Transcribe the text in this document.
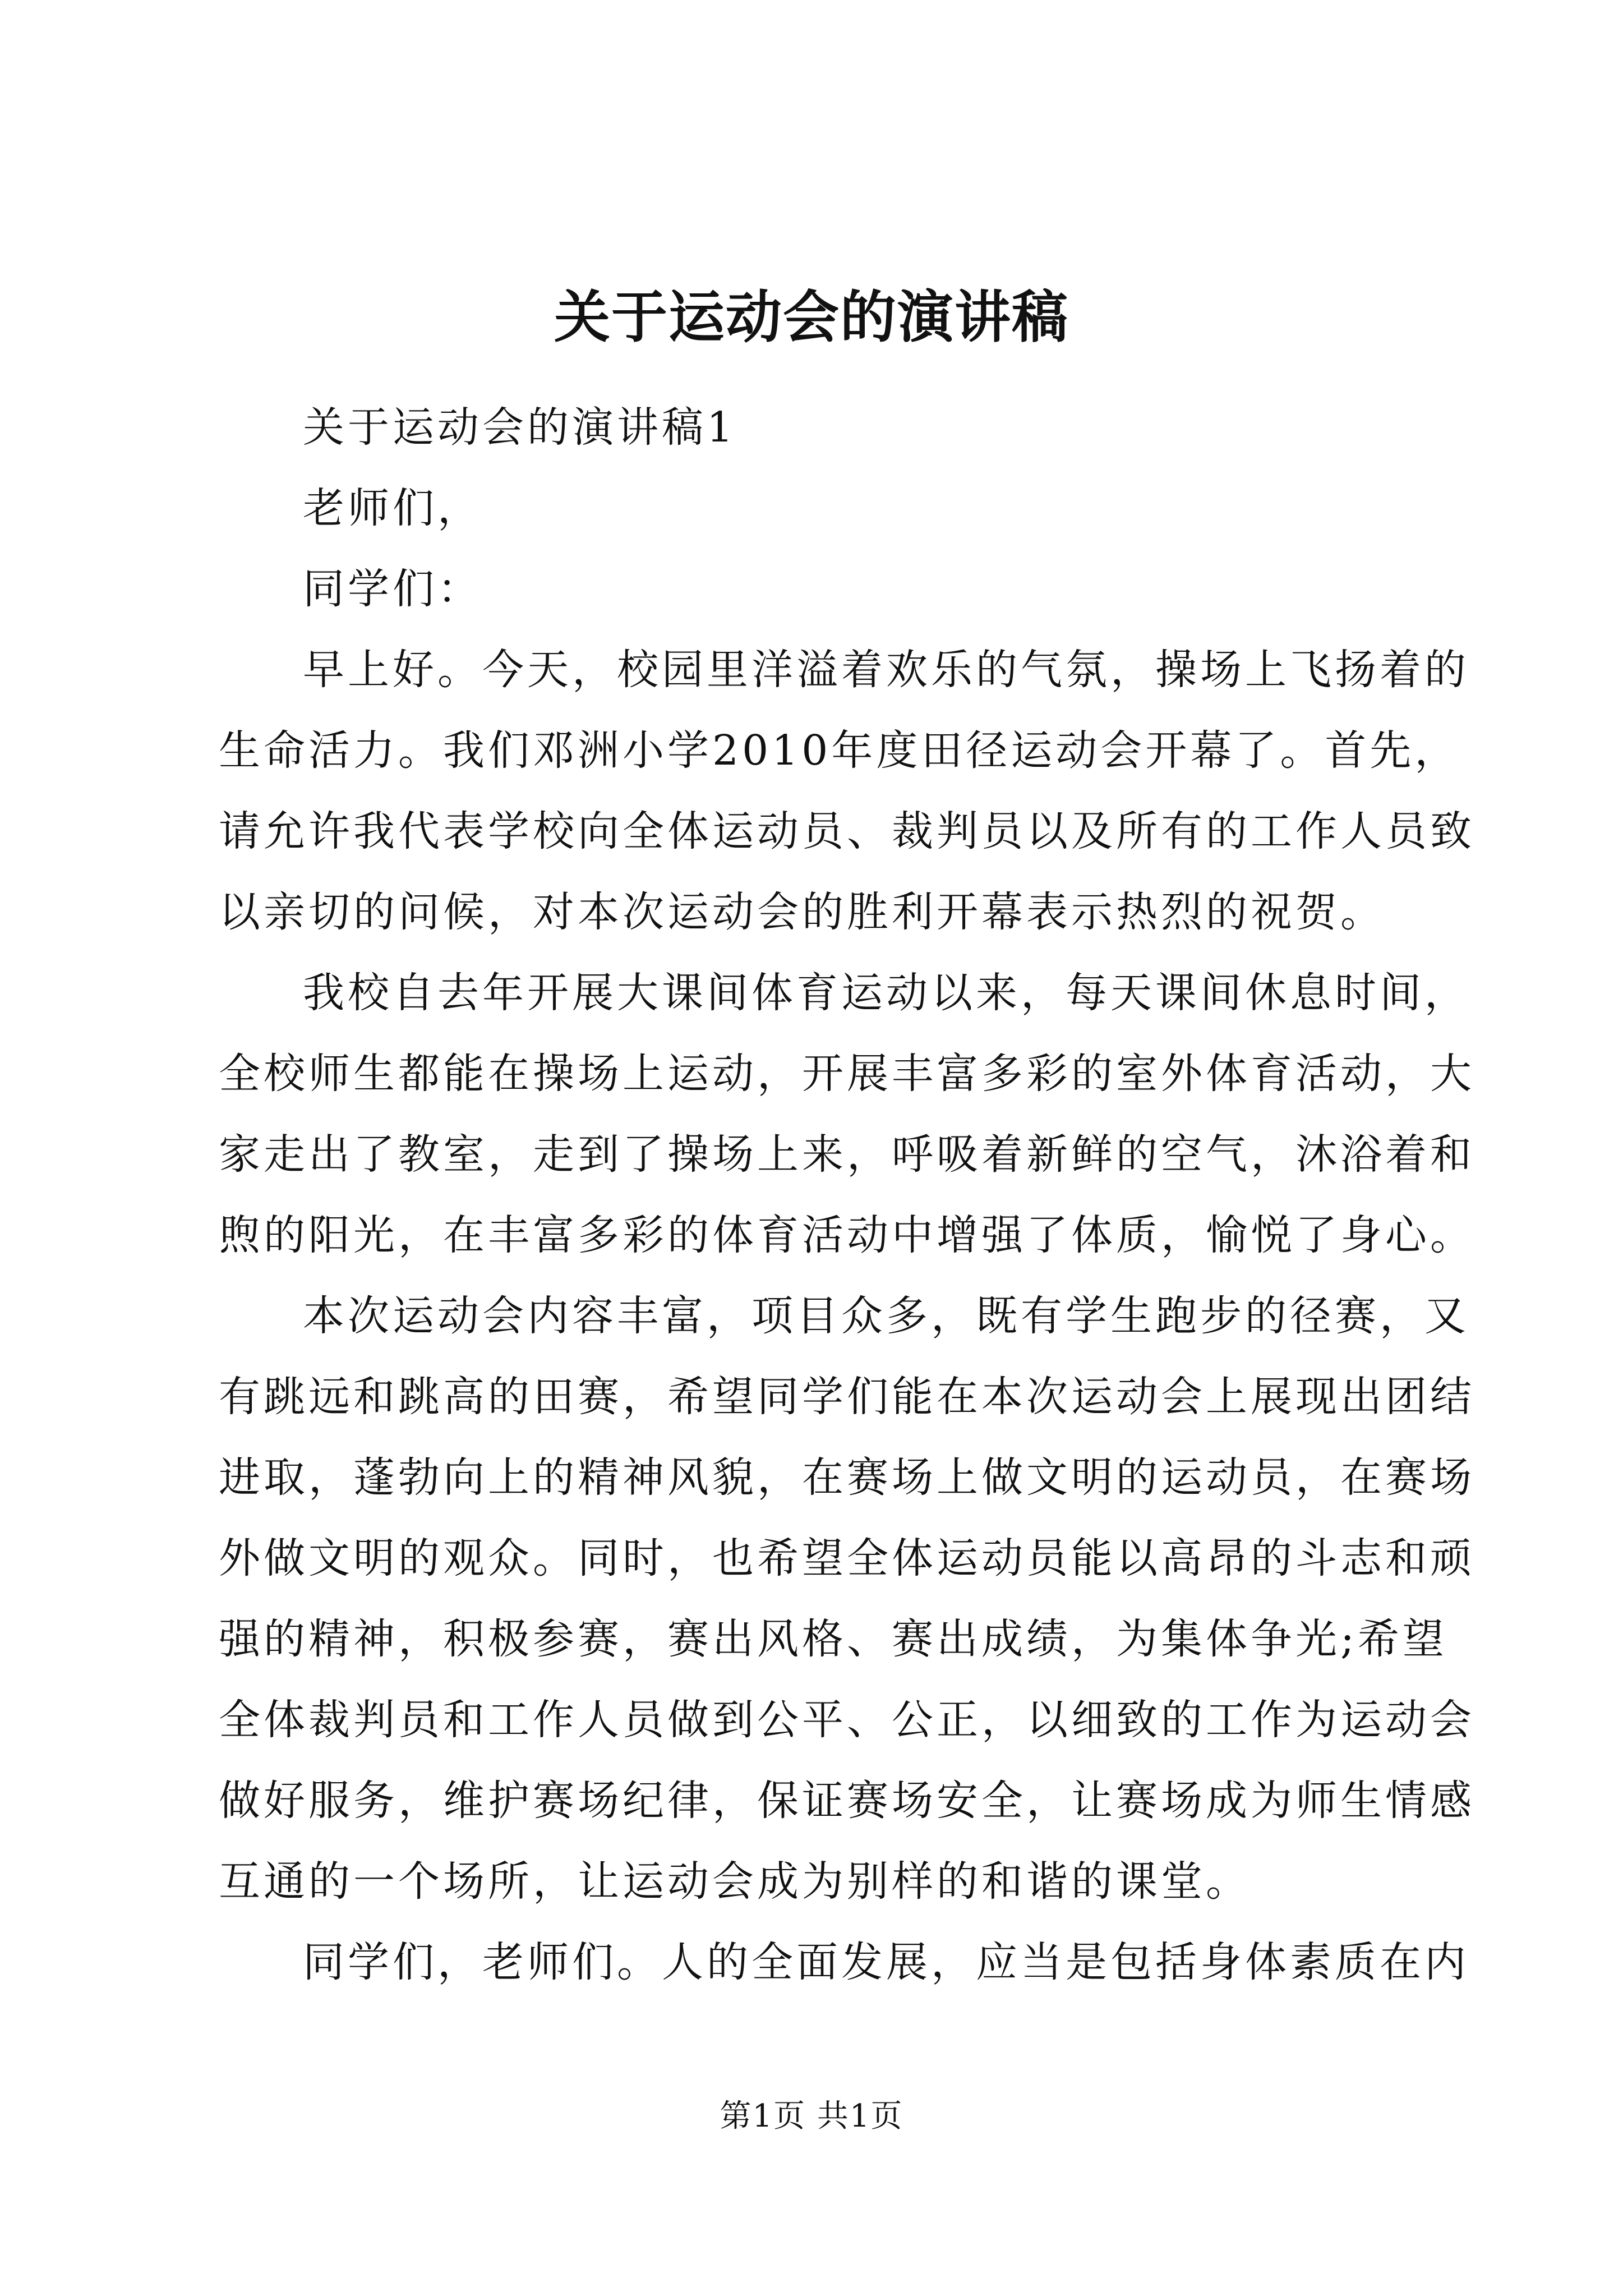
关于运动会的演讲稿
关于运动会的演讲稿1
老师们，
同学们：
早上好。今天，校园里洋溢着欢乐的气氛，操场上飞扬着的
生命活力。我们邓洲小学2010年度田径运动会开幕了。首先，
请允许我代表学校向全体运动员、裁判员以及所有的工作人员致
以亲切的问候，对本次运动会的胜利开幕表示热烈的祝贺。
我校自去年开展大课间体育运动以来，每天课间休息时间，
全校师生都能在操场上运动，开展丰富多彩的室外体育活动，大
家走出了教室，走到了操场上来，呼吸着新鲜的空气，沐浴着和
煦的阳光，在丰富多彩的体育活动中增强了体质，愉悦了身心。
本次运动会内容丰富，项目众多，既有学生跑步的径赛，又
有跳远和跳高的田赛，希望同学们能在本次运动会上展现出团结
进取，蓬勃向上的精神风貌，在赛场上做文明的运动员，在赛场
外做文明的观众。同时，也希望全体运动员能以高昂的斗志和顽
强的精神，积极参赛，赛出风格、赛出成绩，为集体争光;希望
全体裁判员和工作人员做到公平、公正，以细致的工作为运动会
做好服务，维护赛场纪律，保证赛场安全，让赛场成为师生情感
互通的一个场所，让运动会成为别样的和谐的课堂。
同学们，老师们。人的全面发展，应当是包括身体素质在内
第1页 共1页
